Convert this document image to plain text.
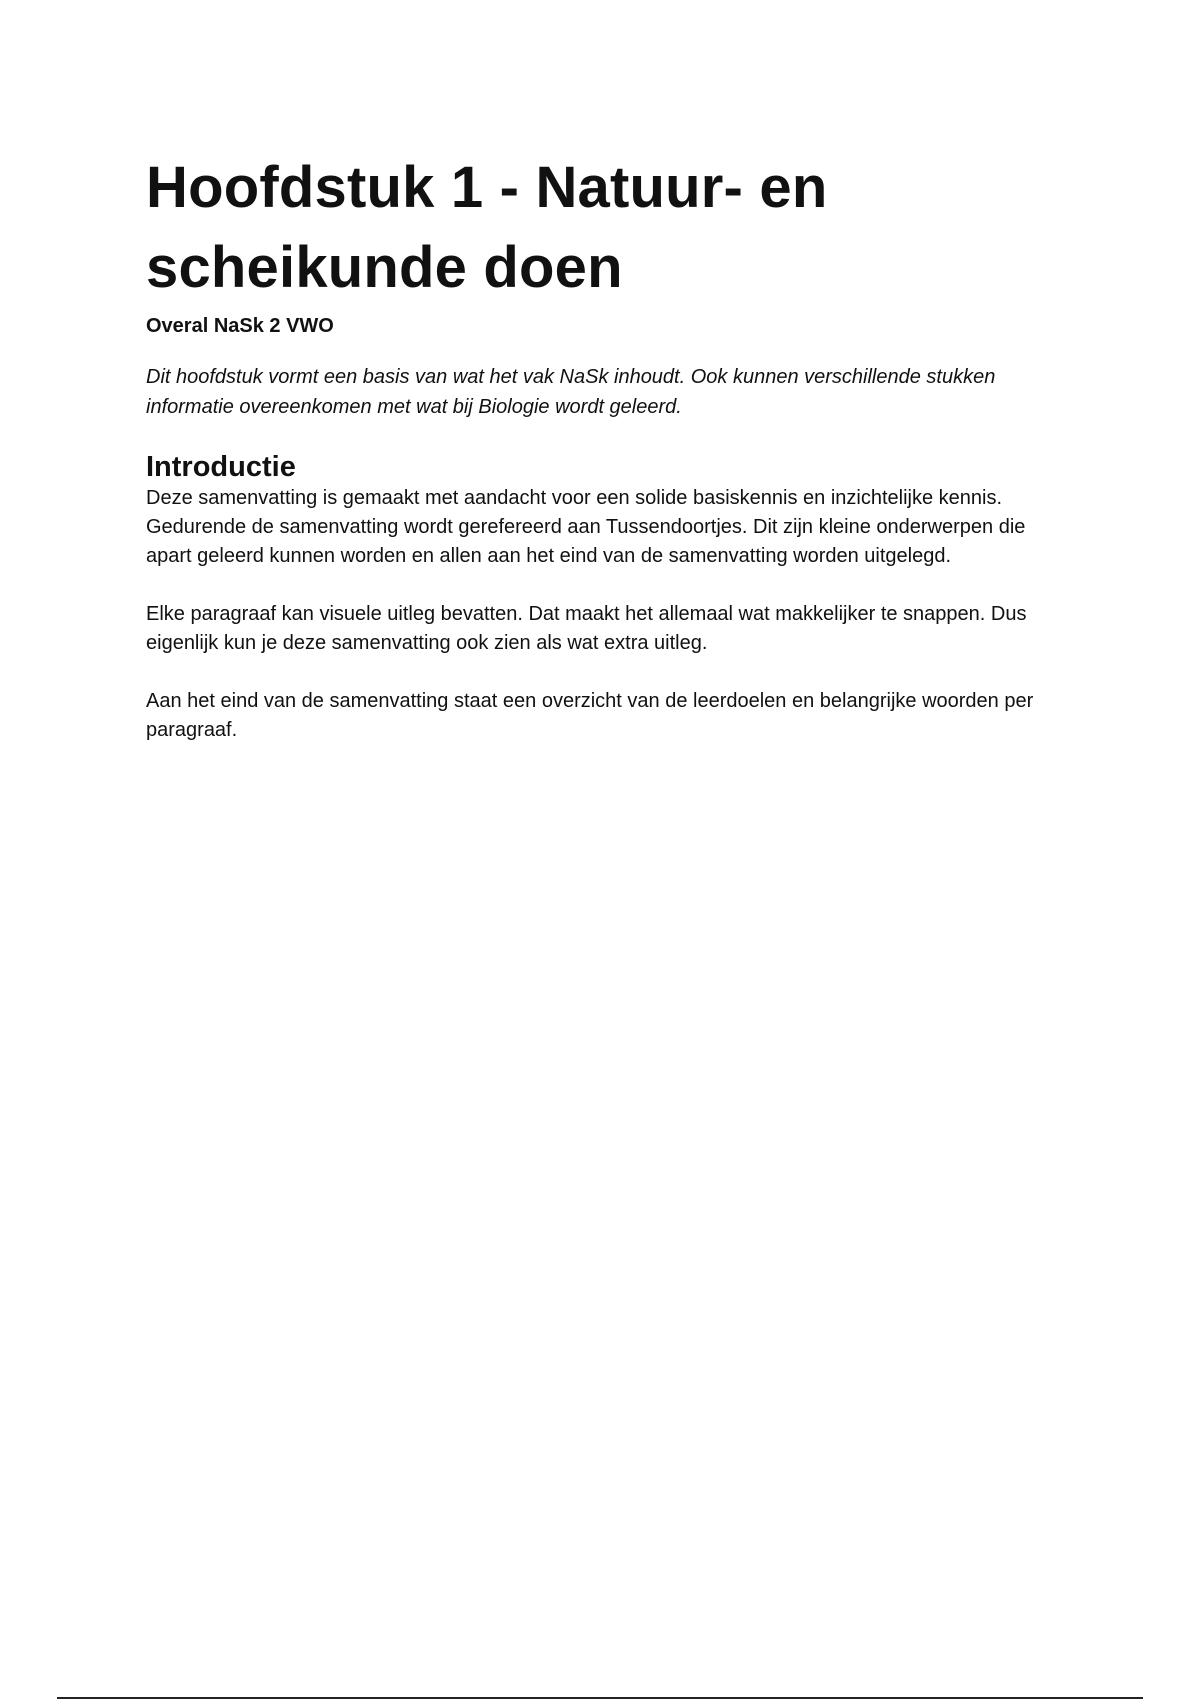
Hoofdstuk 1 - Natuur- en scheikunde doen
Overal NaSk 2 VWO

Dit hoofdstuk vormt een basis van wat het vak NaSk inhoudt. Ook kunnen verschillende stukken informatie overeenkomen met wat bij Biologie wordt geleerd.

Introductie

Deze samenvatting is gemaakt met aandacht voor een solide basiskennis en inzichtelijke kennis. Gedurende de samenvatting wordt gerefereerd aan Tussendoortjes. Dit zijn kleine onderwerpen die apart geleerd kunnen worden en allen aan het eind van de samenvatting worden uitgelegd.

Elke paragraaf kan visuele uitleg bevatten. Dat maakt het allemaal wat makkelijker te snappen. Dus eigenlijk kun je deze samenvatting ook zien als wat extra uitleg.

Aan het eind van de samenvatting staat een overzicht van de leerdoelen en belangrijke woorden per paragraaf.
